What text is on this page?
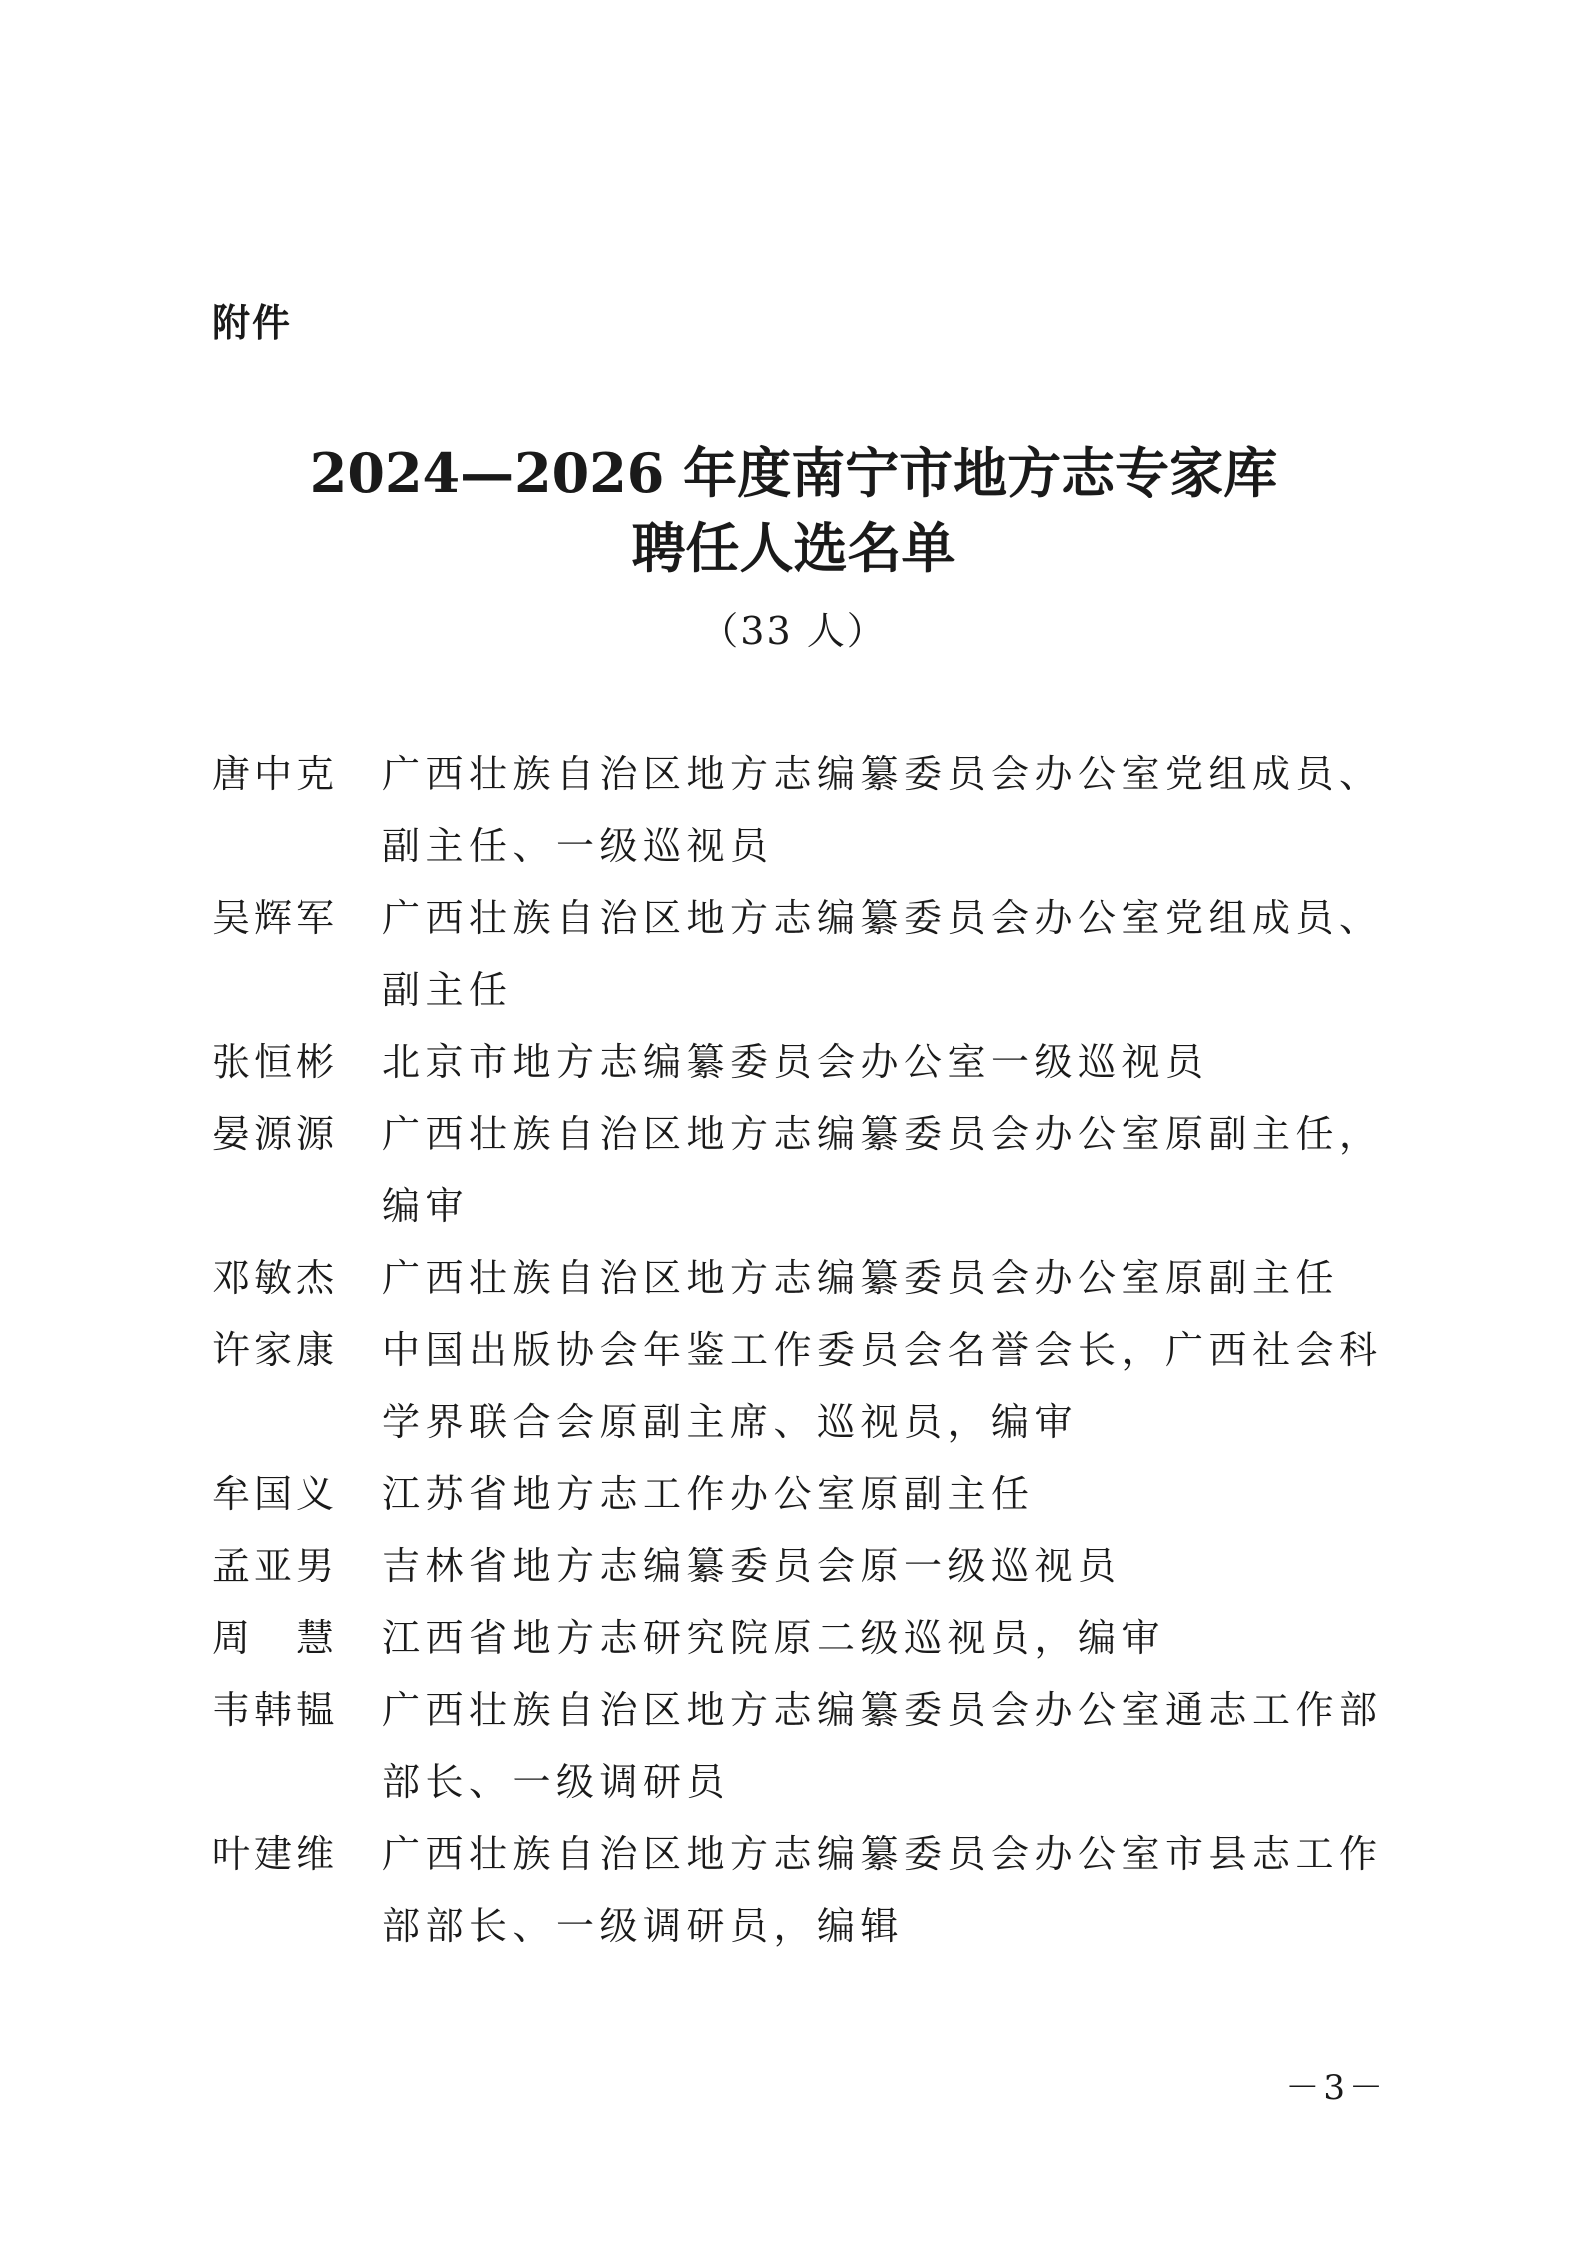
附件
2024—2026 年度南宁市地方志专家库
聘任人选名单
（33 人）
唐中克	广西壮族自治区地方志编纂委员会办公室党组成员、副主任、一级巡视员
吴辉军	广西壮族自治区地方志编纂委员会办公室党组成员、副主任
张恒彬	北京市地方志编纂委员会办公室一级巡视员
晏源源	广西壮族自治区地方志编纂委员会办公室原副主任，编审
邓敏杰	广西壮族自治区地方志编纂委员会办公室原副主任
许家康	中国出版协会年鉴工作委员会名誉会长，广西社会科学界联合会原副主席、巡视员，编审
牟国义	江苏省地方志工作办公室原副主任
孟亚男	吉林省地方志编纂委员会原一级巡视员
周　慧	江西省地方志研究院原二级巡视员，编审
韦韩韫	广西壮族自治区地方志编纂委员会办公室通志工作部部长、一级调研员
叶建维	广西壮族自治区地方志编纂委员会办公室市县志工作部部长、一级调研员，编辑
－3－
